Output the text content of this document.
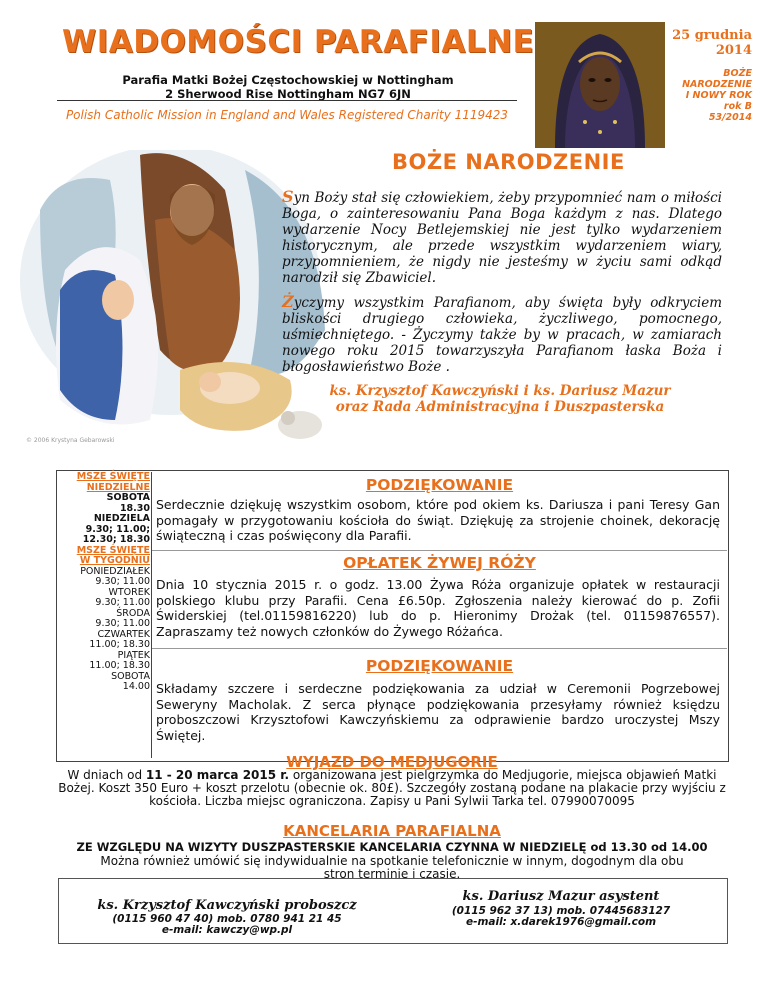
WIADOMOŚCI PARAFIALNE
Parafia Matki Bożej Częstochowskiej w Nottingham
2 Sherwood Rise Nottingham NG7 6JN
Polish Catholic Mission in England and Wales Registered Charity 1119423
25 grudnia
2014
BOŻE
NARODZENIE
I NOWY ROK
rok B
53/2014
© 2006 Krystyna Gebarowski
BOŻE NARODZENIE
Syn Boży stał się człowiekiem, żeby przypomnieć nam o miłości Boga, o zainteresowaniu Pana Boga każdym z nas. Dlatego wydarzenie Nocy Betlejemskiej nie jest tylko wydarzeniem historycznym, ale przede wszystkim wydarzeniem wiary, przypomnieniem, że nigdy nie jesteśmy w życiu sami odkąd narodził się Zbawiciel.
Życzymy wszystkim Parafianom, aby święta były odkryciem bliskości drugiego człowieka, życzliwego, pomocnego, uśmiechniętego. - Życzymy także by w pracach, w zamiarach nowego roku 2015 towarzyszyła Parafianom łaska Boża i błogosławieństwo Boże .
ks. Krzysztof Kawczyński i ks. Dariusz Mazur
oraz Rada Administracyjna i Duszpasterska
MSZE ŚWIĘTE
NIEDZIELNE
SOBOTA
18.30
NIEDZIELA
9.30; 11.00;
12.30; 18.30
MSZE ŚWIĘTE
W TYGODNIU
PONIEDZIAŁEK
9.30; 11.00
WTOREK
9.30; 11.00
ŚRODA
9.30; 11.00
CZWARTEK
11.00; 18.30
PIĄTEK
11.00; 18.30
SOBOTA
14.00
PODZIĘKOWANIE
Serdecznie dziękuję wszystkim osobom, które pod okiem ks. Dariusza i pani Teresy Gan pomagały w przygotowaniu kościoła do świąt. Dziękuję za strojenie choinek, dekorację świąteczną i czas poświęcony dla Parafii.
OPŁATEK ŻYWEJ RÓŻY
Dnia 10 stycznia 2015 r. o godz. 13.00 Żywa Róża organizuje opłatek w restauracji polskiego klubu przy Parafii. Cena £6.50p. Zgłoszenia należy kierować do p. Zofii Świderskiej (tel.01159816220) lub do p. Hieronimy Drożak (tel. 01159876557). Zapraszamy też nowych członków do Żywego Różańca.
PODZIĘKOWANIE
Składamy szczere i serdeczne podziękowania za udział w Ceremonii Pogrzebowej Seweryny Macholak. Z serca płynące podziękowania przesyłamy również księdzu proboszczowi Krzysztofowi Kawczyńskiemu za odprawienie bardzo uroczystej Mszy Świętej.
WYJAZD DO MEDJUGORIE
W dniach od 11 - 20 marca 2015 r. organizowana jest pielgrzymka do Medjugorie, miejsca objawień Matki Bożej. Koszt 350 Euro + koszt przelotu (obecnie ok. 80£). Szczegóły zostaną podane na plakacie przy wyjściu z kościoła. Liczba miejsc ograniczona. Zapisy u Pani Sylwii Tarka tel. 07990070095
KANCELARIA PARAFIALNA
ZE WZGLĘDU NA WIZYTY DUSZPASTERSKIE KANCELARIA CZYNNA W NIEDZIELĘ od 13.30 od 14.00
Można również umówić się indywidualnie na spotkanie telefonicznie w innym, dogodnym dla obu stron terminie i czasie.
ks. Krzysztof Kawczyński proboszcz
(0115 960 47 40) mob. 0780 941 21 45
e-mail: kawczy@wp.pl
ks. Dariusz Mazur asystent
(0115 962 37 13) mob. 07445683127
e-mail: x.darek1976@gmail.com
